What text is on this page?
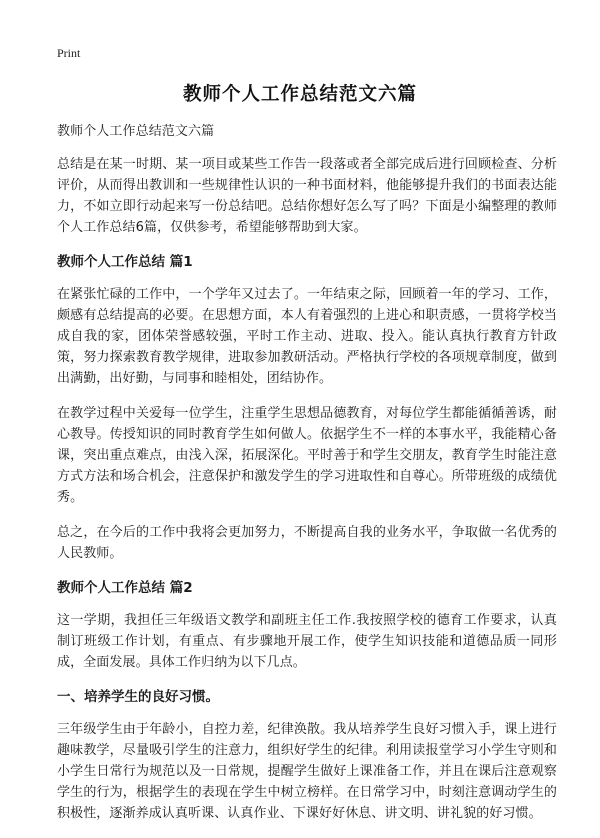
Print
教师个人工作总结范文六篇

教师个人工作总结范文六篇

总结是在某一时期、某一项目或某些工作告一段落或者全部完成后进行回顾检查、分析评价，从而得出教训和一些规律性认识的一种书面材料，他能够提升我们的书面表达能力，不如立即行动起来写一份总结吧。总结你想好怎么写了吗？下面是小编整理的教师个人工作总结6篇，仅供参考，希望能够帮助到大家。

教师个人工作总结 篇1

在紧张忙碌的工作中，一个学年又过去了。一年结束之际，回顾着一年的学习、工作，颇感有总结提高的必要。在思想方面，本人有着强烈的上进心和职责感，一贯将学校当成自我的家，团体荣誉感较强，平时工作主动、进取、投入。能认真执行教育方针政策，努力探索教育教学规律，进取参加教研活动。严格执行学校的各项规章制度，做到出满勤，出好勤，与同事和睦相处，团结协作。

在教学过程中关爱每一位学生，注重学生思想品德教育，对每位学生都能循循善诱，耐心教导。传授知识的同时教育学生如何做人。依据学生不一样的本事水平，我能精心备课，突出重点难点，由浅入深，拓展深化。平时善于和学生交朋友，教育学生时能注意方式方法和场合机会，注意保护和激发学生的学习进取性和自尊心。所带班级的成绩优秀。

总之，在今后的工作中我将会更加努力，不断提高自我的业务水平，争取做一名优秀的人民教师。

教师个人工作总结 篇2

这一学期，我担任三年级语文教学和副班主任工作.我按照学校的德育工作要求，认真制订班级工作计划，有重点、有步骤地开展工作，使学生知识技能和道德品质一同形成，全面发展。具体工作归纳为以下几点。

一、培养学生的良好习惯。

三年级学生由于年龄小，自控力差，纪律涣散。我从培养学生良好习惯入手，课上进行趣味教学，尽量吸引学生的注意力，组织好学生的纪律。利用读报堂学习小学生守则和小学生日常行为规范以及一日常规，提醒学生做好上课准备工作，并且在课后注意观察学生的行为，根据学生的表现在学生中树立榜样。在日常学习中，时刻注意调动学生的积极性，逐渐养成认真听课、认真作业、下课好好休息、讲文明、讲礼貌的好习惯。
